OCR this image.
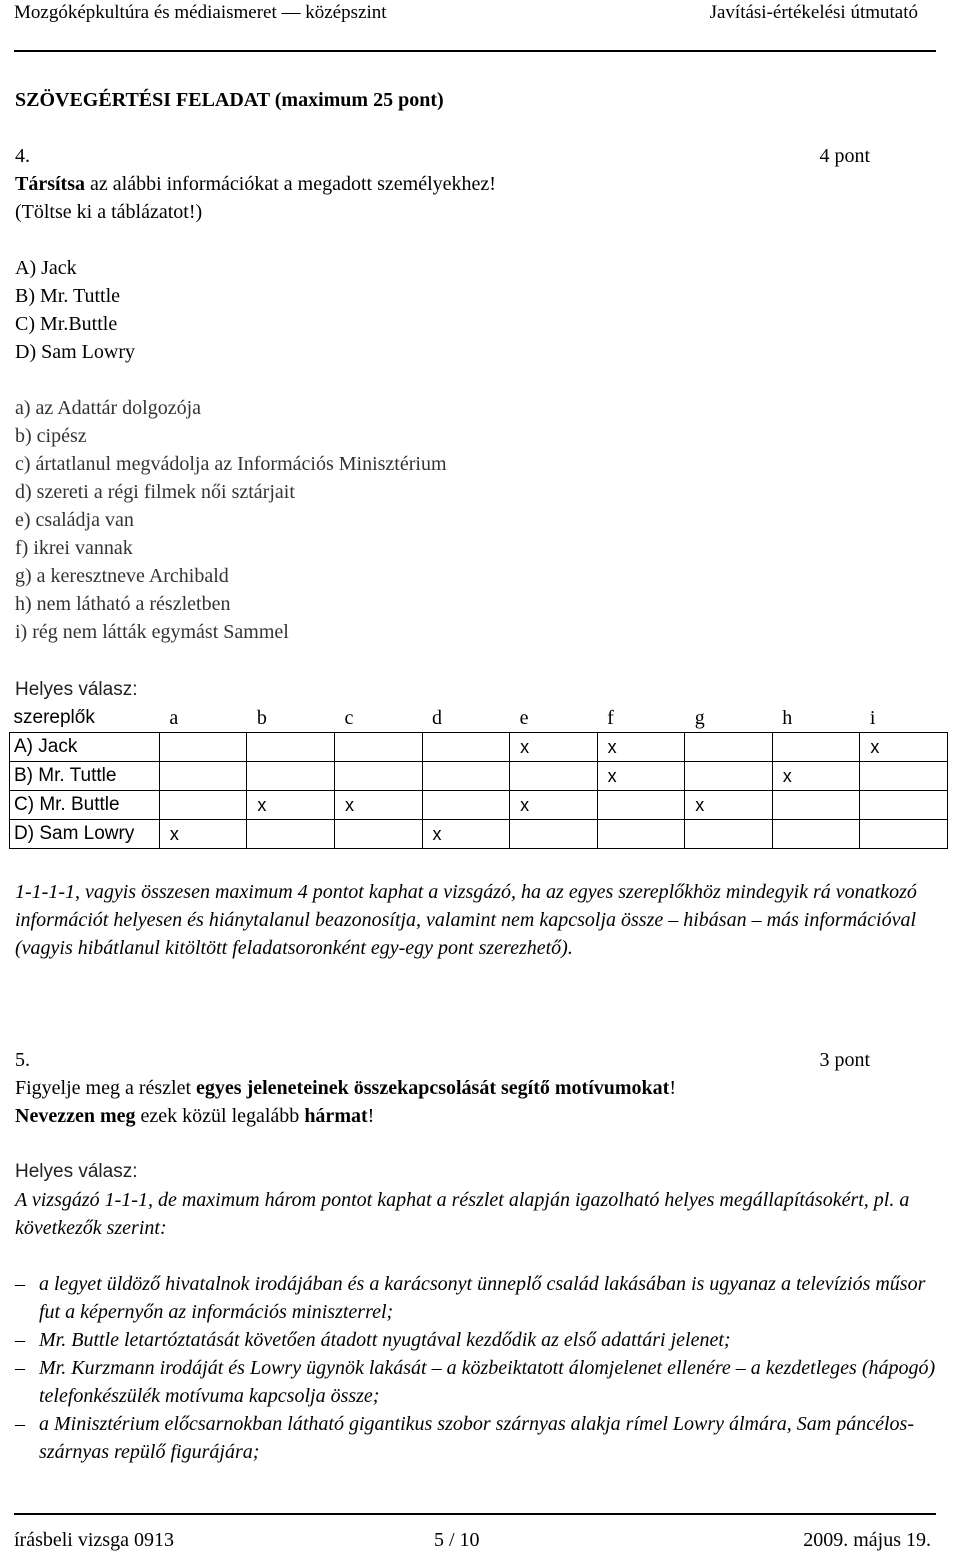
Mozgóképkultúra és médiaismeret — középszint	Javítási-értékelési útmutató
SZÖVEGÉRTÉSI FELADAT (maximum 25 pont)
4.	4 pont
Társítsa az alábbi információkat a megadott személyekhez!
(Töltse ki a táblázatot!)
A) Jack
B) Mr. Tuttle
C) Mr.Buttle
D) Sam Lowry
a) az Adattár dolgozója
b) cipész
c) ártatlanul megvádolja az Információs Minisztérium
d) szereti a régi filmek női sztárjait
e) családja van
f) ikrei vannak
g) a keresztneve Archibald
h) nem látható a részletben
i) rég nem látták egymást Sammel
Helyes válasz:
szereplők	a	b	c	d	e	f	g	h	i
A) Jack					x	x			x
B) Mr. Tuttle						x		x	
C) Mr. Buttle		x	x		x		x		
D) Sam Lowry	x			x					
1-1-1-1, vagyis összesen maximum 4 pontot kaphat a vizsgázó, ha az egyes szereplőkhöz mindegyik rá vonatkozó információt helyesen és hiánytalanul beazonosítja, valamint nem kapcsolja össze – hibásan – más információval (vagyis hibátlanul kitöltött feladatsoronként egy-egy pont szerezhető).
5.	3 pont
Figyelje meg a részlet egyes jeleneteinek összekapcsolását segítő motívumokat!
Nevezzen meg ezek közül legalább hármat!
Helyes válasz:
A vizsgázó 1-1-1, de maximum három pontot kaphat a részlet alapján igazolható helyes megállapításokért, pl. a következők szerint:
– a legyet üldöző hivatalnok irodájában és a karácsonyt ünneplő család lakásában is ugyanaz a televíziós műsor fut a képernyőn az információs miniszterrel;
– Mr. Buttle letartóztatását követően átadott nyugtával kezdődik az első adattári jelenet;
– Mr. Kurzmann irodáját és Lowry ügynök lakását – a közbeiktatott álomjelenet ellenére – a kezdetleges (hápogó) telefonkészülék motívuma kapcsolja össze;
– a Minisztérium előcsarnokban látható gigantikus szobor szárnyas alakja rímel Lowry álmára, Sam páncélos-szárnyas repülő figurájára;
írásbeli vizsga 0913	5 / 10	2009. május 19.
